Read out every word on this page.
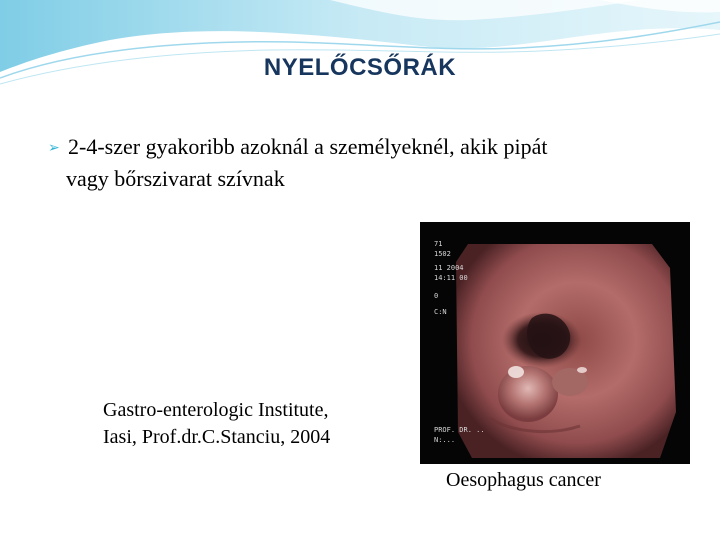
NYELŐCSŐRÁK
➢ 2-4-szer gyakoribb azoknál a személyeknél, akik pipát
vagy bőrszivarat szívnak
71
1502
11 2004
14:11 00
0
C:N
PROF. DR. ..
N:...
Gastro-enterologic Institute,
Iasi, Prof.dr.C.Stanciu, 2004
Oesophagus cancer
